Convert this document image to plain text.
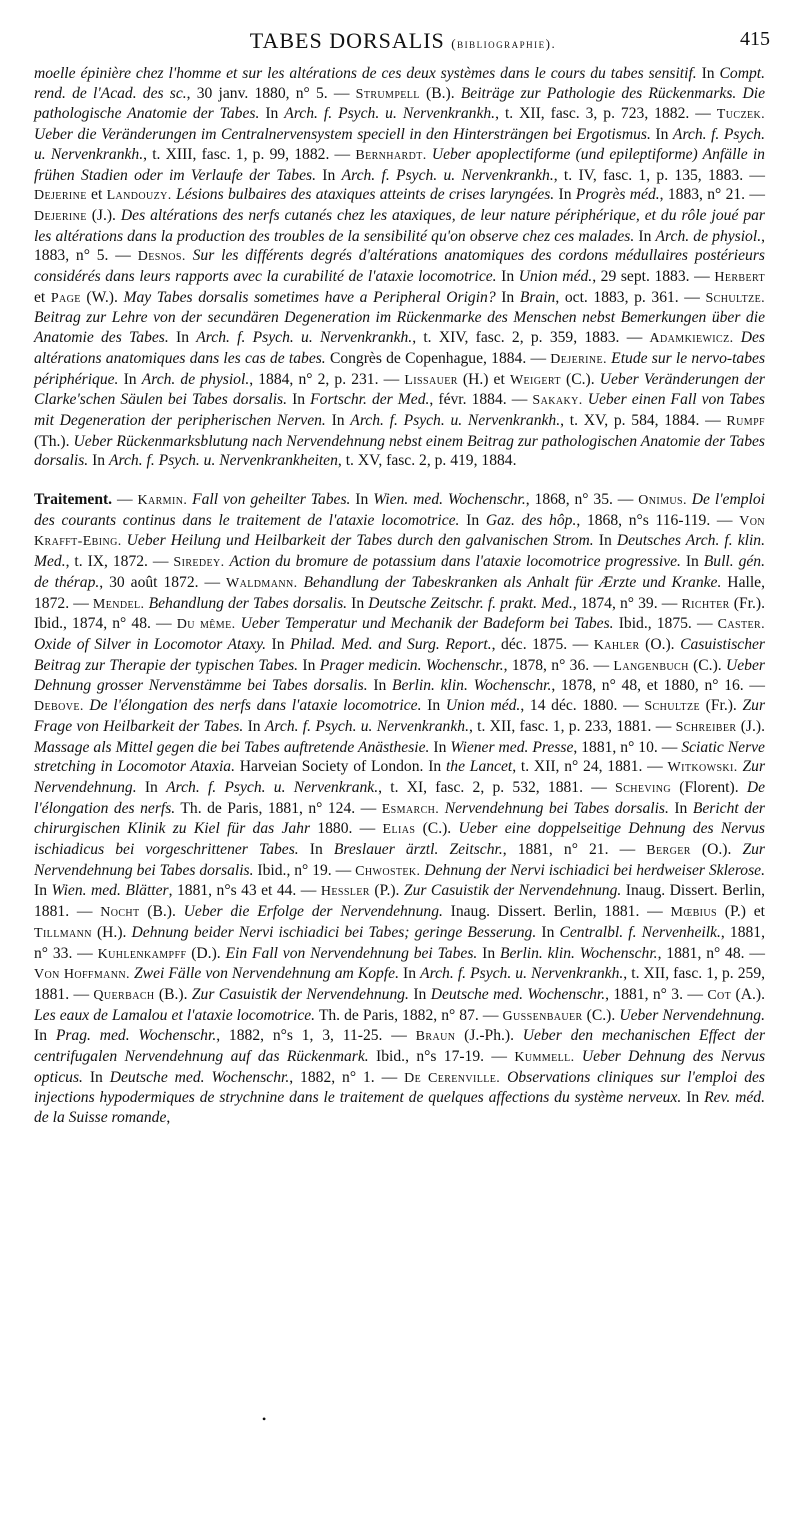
TABES DORSALIS (bibliographie).	415

moelle épinière chez l'homme et sur les altérations de ces deux systèmes dans le cours du tabes sensitif. In Compt. rend. de l'Acad. des sc., 30 janv. 1880, n° 5. — Strumpell (B.). Beiträge zur Pathologie des Rückenmarks. Die pathologische Anatomie der Tabes. In Arch. f. Psych. u. Nervenkrankh., t. XII, fasc. 3, p. 723, 1882. — Tuczek. Ueber die Veränderungen im Centralnervensystem speciell in den Hintersträngen bei Ergotismus. In Arch. f. Psych. u. Nervenkrankh., t. XIII, fasc. 1, p. 99, 1882. — Bernhardt. Ueber apoplectiforme (und epileptiforme) Anfälle in frühen Stadien oder im Verlaufe der Tabes. In Arch. f. Psych. u. Nervenkrankh., t. IV, fasc. 1, p. 135, 1883. — Dejerine et Landouzy. Lésions bulbaires des ataxiques atteints de crises laryngées. In Progrès méd., 1883, n° 21. — Dejerine (J.). Des altérations des nerfs cutanés chez les ataxiques, de leur nature périphérique, et du rôle joué par les altérations dans la production des troubles de la sensibilité qu'on observe chez ces malades. In Arch. de physiol., 1883, n° 5. — Desnos. Sur les différents degrés d'altérations anatomiques des cordons médullaires postérieurs considérés dans leurs rapports avec la curabilité de l'ataxie locomotrice. In Union méd., 29 sept. 1883. — Herbert et Page (W.). May Tabes dorsalis sometimes have a Peripheral Origin? In Brain, oct. 1883, p. 361. — Schultze. Beitrag zur Lehre von der secundären Degeneration im Rückenmarke des Menschen nebst Bemerkungen über die Anatomie des Tabes. In Arch. f. Psych. u. Nervenkrankh., t. XIV, fasc. 2, p. 359, 1883. — Adamkiewicz. Des altérations anatomiques dans les cas de tabes. Congrès de Copenhague, 1884. — Dejerine. Etude sur le nervo-tabes périphérique. In Arch. de physiol., 1884, n° 2, p. 231. — Lissauer (H.) et Weigert (C.). Ueber Veränderungen der Clarke'schen Säulen bei Tabes dorsalis. In Fortschr. der Med., févr. 1884. — Sakaky. Ueber einen Fall von Tabes mit Degeneration der peripherischen Nerven. In Arch. f. Psych. u. Nervenkrankh., t. XV, p. 584, 1884. — Rumpf (Th.). Ueber Rückenmarksblutung nach Nervendehnung nebst einem Beitrag zur pathologischen Anatomie der Tabes dorsalis. In Arch. f. Psych. u. Nervenkrankheiten, t. XV, fasc. 2, p. 419, 1884.

Traitement. — Karmin. Fall von geheilter Tabes. In Wien. med. Wochenschr., 1868, n° 35. — Onimus. De l'emploi des courants continus dans le traitement de l'ataxie locomotrice. In Gaz. des hôp., 1868, n°s 116-119. — Von Krafft-Ebing. Ueber Heilung und Heilbarkeit der Tabes durch den galvanischen Strom. In Deutsches Arch. f. klin. Med., t. IX, 1872. — Siredey. Action du bromure de potassium dans l'ataxie locomotrice progressive. In Bull. gén. de thérap., 30 août 1872. — Waldmann. Behandlung der Tabeskranken als Anhalt für Ærzte und Kranke. Halle, 1872. — Mendel. Behandlung der Tabes dorsalis. In Deutsche Zeitschr. f. prakt. Med., 1874, n° 39. — Richter (Fr.). Ibid., 1874, n° 48. — Du même. Ueber Temperatur und Mechanik der Badeform bei Tabes. Ibid., 1875. — Caster. Oxide of Silver in Locomotor Ataxy. In Philad. Med. and Surg. Report., déc. 1875. — Kahler (O.). Casuistischer Beitrag zur Therapie der typischen Tabes. In Prager medicin. Wochenschr., 1878, n° 36. — Langenbuch (C.). Ueber Dehnung grosser Nervenstämme bei Tabes dorsalis. In Berlin. klin. Wochenschr., 1878, n° 48, et 1880, n° 16. — Debove. De l'élongation des nerfs dans l'ataxie locomotrice. In Union méd., 14 déc. 1880. — Schultze (Fr.). Zur Frage von Heilbarkeit der Tabes. In Arch. f. Psych. u. Nervenkrankh., t. XII, fasc. 1, p. 233, 1881. — Schreiber (J.). Massage als Mittel gegen die bei Tabes auftretende Anästhesie. In Wiener med. Presse, 1881, n° 10. — Sciatic Nerve stretching in Locomotor Ataxia. Harveian Society of London. In the Lancet, t. XII, n° 24, 1881. — Witkowski. Zur Nervendehnung. In Arch. f. Psych. u. Nervenkrank., t. XI, fasc. 2, p. 532, 1881. — Scheving (Florent). De l'élongation des nerfs. Th. de Paris, 1881, n° 124. — Esmarch. Nervendehnung bei Tabes dorsalis. In Bericht der chirurgischen Klinik zu Kiel für das Jahr 1880. — Elias (C.). Ueber eine doppelseitige Dehnung des Nervus ischiadicus bei vorgeschrittener Tabes. In Breslauer ärztl. Zeitschr., 1881, n° 21. — Berger (O.). Zur Nervendehnung bei Tabes dorsalis. Ibid., n° 19. — Chwostek. Dehnung der Nervi ischiadici bei herdweiser Sklerose. In Wien. med. Blätter, 1881, n°s 43 et 44. — Hessler (P.). Zur Casuistik der Nervendehnung. Inaug. Dissert. Berlin, 1881. — Nocht (B.). Ueber die Erfolge der Nervendehnung. Inaug. Dissert. Berlin, 1881. — Mœbius (P.) et Tillmann (H.). Dehnung beider Nervi ischiadici bei Tabes; geringe Besserung. In Centralbl. f. Nervenheilk., 1881, n° 33. — Kuhlenkampff (D.). Ein Fall von Nervendehnung bei Tabes. In Berlin. klin. Wochenschr., 1881, n° 48. — Von Hoffmann. Zwei Fälle von Nervendehnung am Kopfe. In Arch. f. Psych. u. Nervenkrankh., t. XII, fasc. 1, p. 259, 1881. — Querbach (B.). Zur Casuistik der Nervendehnung. In Deutsche med. Wochenschr., 1881, n° 3. — Cot (A.). Les eaux de Lamalou et l'ataxie locomotrice. Th. de Paris, 1882, n° 87. — Gussenbauer (C.). Ueber Nervendehnung. In Prag. med. Wochenschr., 1882, n°s 1, 3, 11-25. — Braun (J.-Ph.). Ueber den mechanischen Effect der centrifugalen Nervendehnung auf das Rückenmark. Ibid., n°s 17-19. — Kummell. Ueber Dehnung des Nervus opticus. In Deutsche med. Wochenschr., 1882, n° 1. — De Cerenville. Observations cliniques sur l'emploi des injections hypodermiques de strychnine dans le traitement de quelques affections du système nerveux. In Rev. méd. de la Suisse romande,

•
